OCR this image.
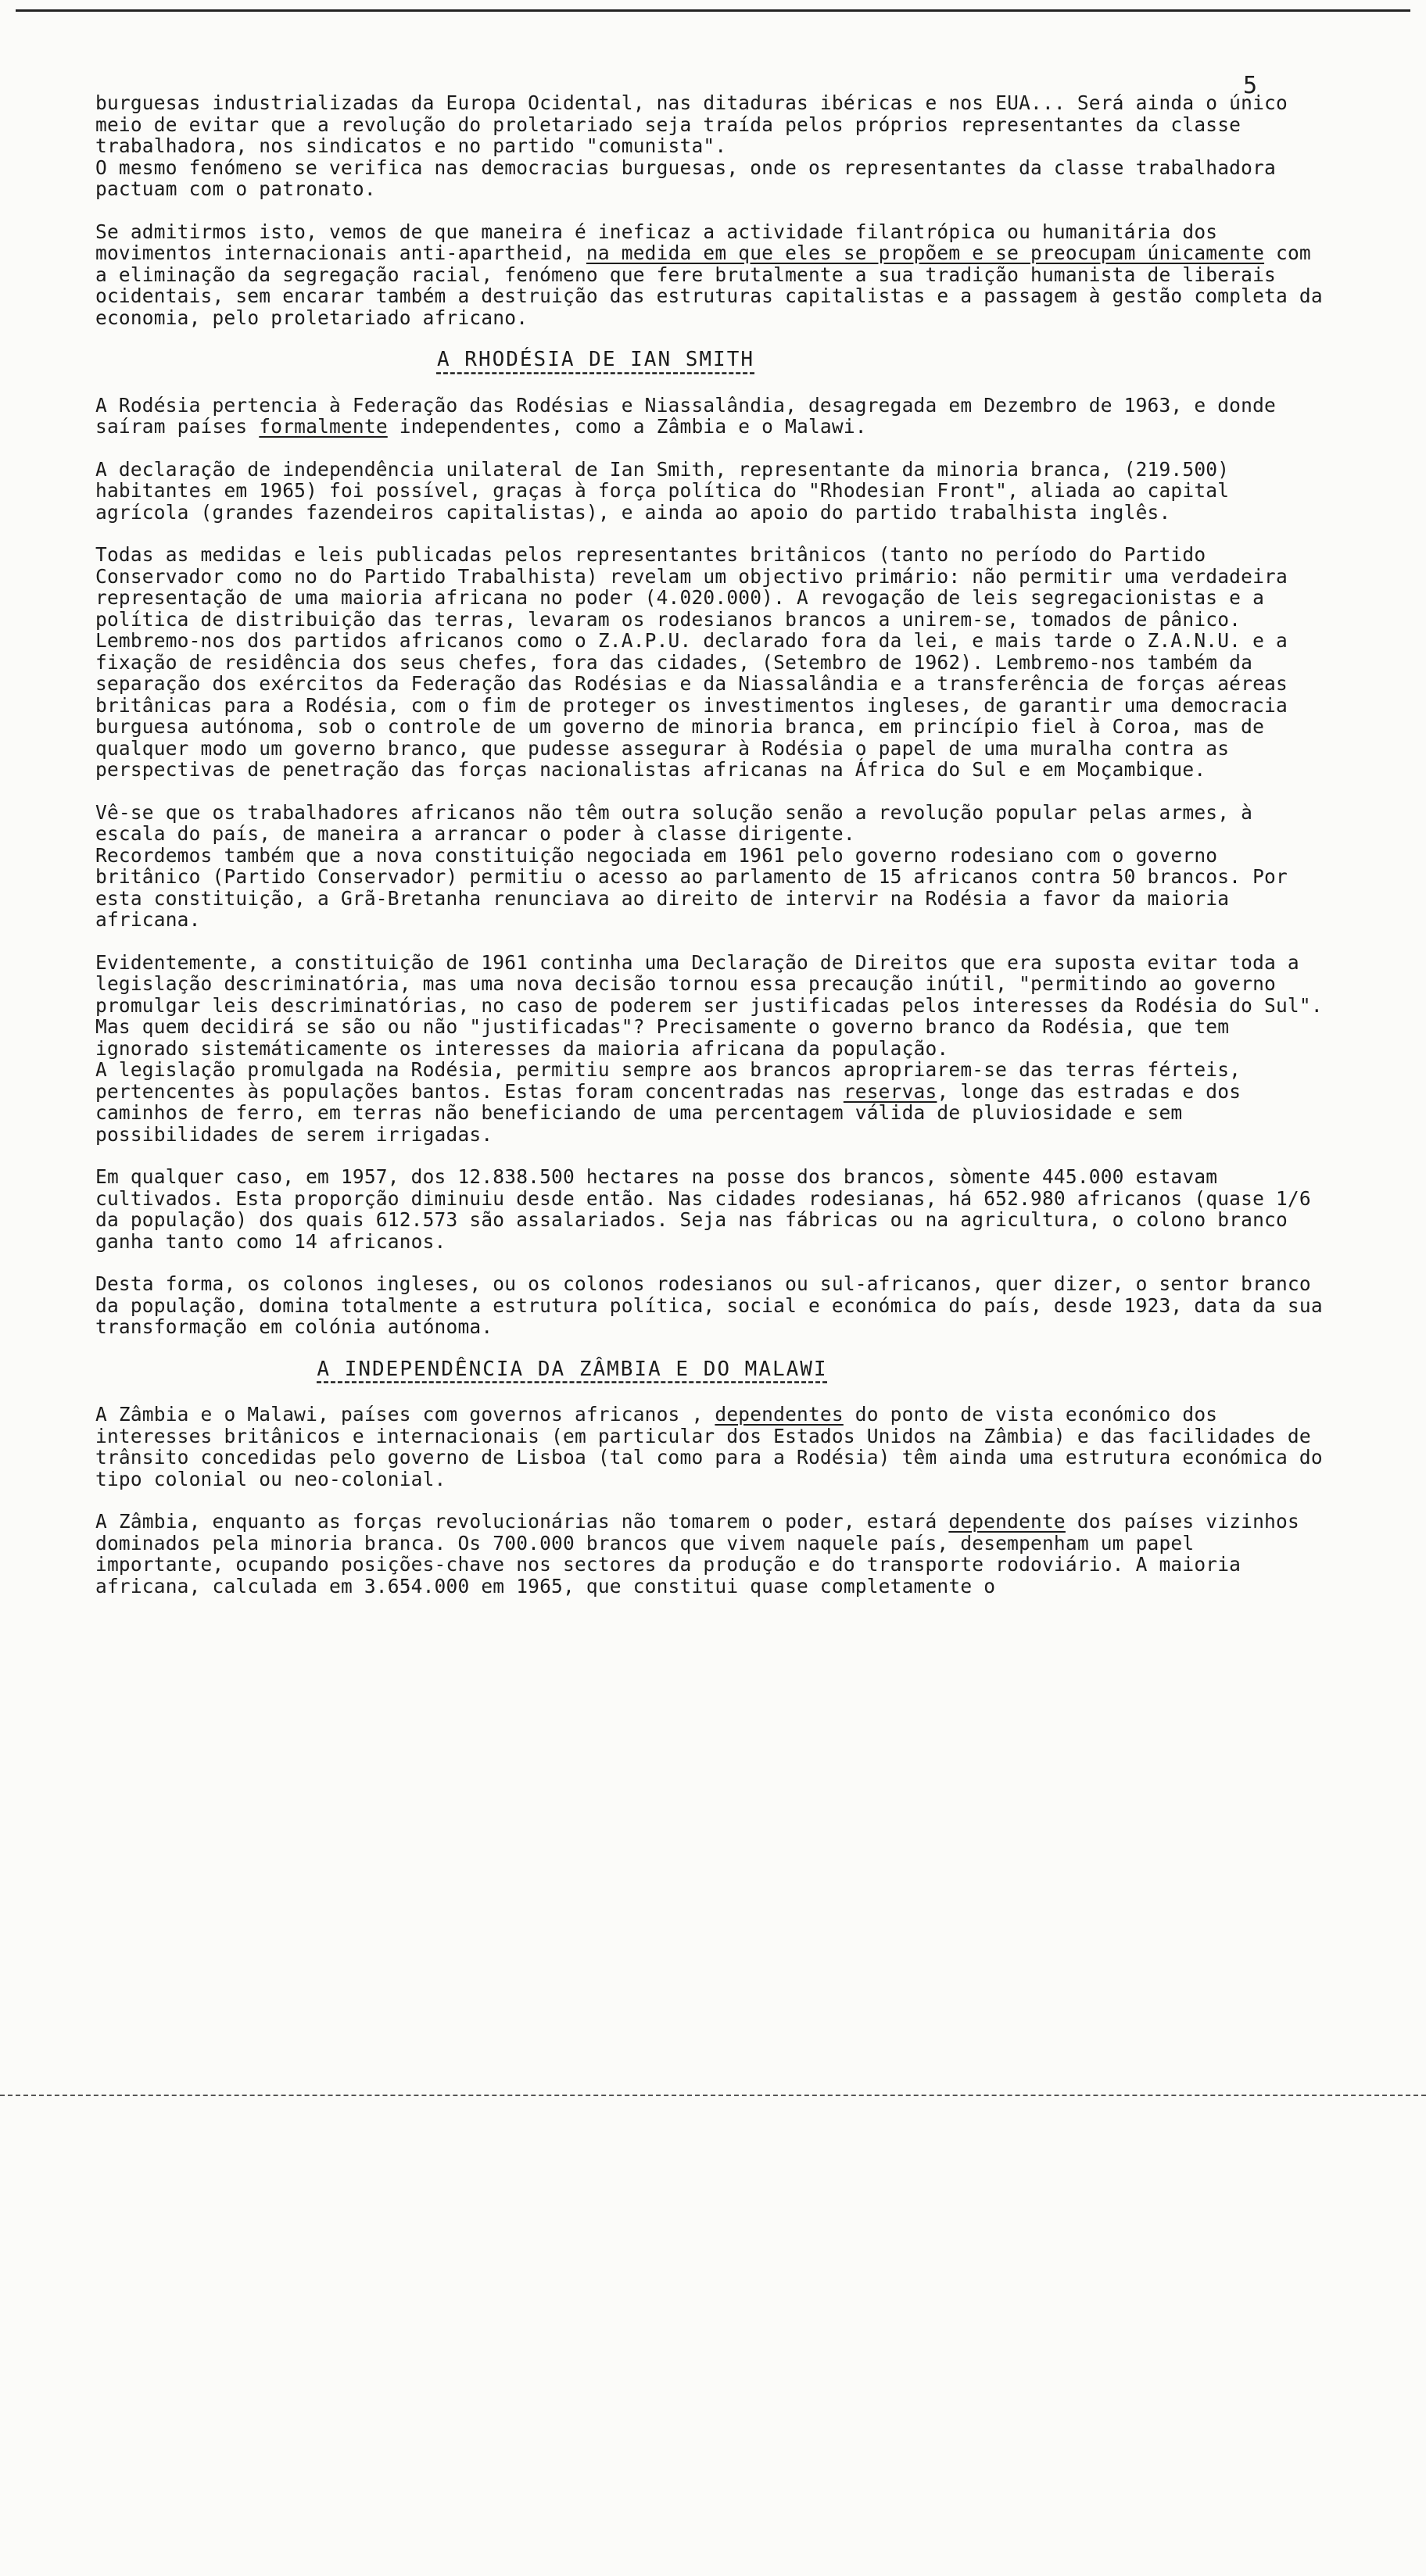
5

burguesas industrializadas da Europa Ocidental, nas ditaduras ibéricas e nos EUA... Será ainda o único meio de evitar que a revolução do proletariado seja traída pelos próprios representantes da classe trabalhadora, nos sindicatos e no partido "comunista".

O mesmo fenómeno se verifica nas democracias burguesas, onde os representantes da classe trabalhadora pactuam com o patronato.

Se admitirmos isto, vemos de que maneira é ineficaz a actividade filantrópica ou humanitária dos movimentos internacionais anti-apartheid, na medida em que eles se propõem e se preocupam únicamente com a eliminação da segregação racial, fenómeno que fere brutalmente a sua tradição humanista de liberais ocidentais, sem encarar também a destruição das estruturas capitalistas e a passagem à gestão completa da economia, pelo proletariado africano.

A RHODÉSIA DE IAN SMITH

A Rodésia pertencia à Federação das Rodésias e Niassalândia, desagregada em Dezembro de 1963, e donde saíram países formalmente independentes, como a Zâmbia e o Malawi.

A declaração de independência unilateral de Ian Smith, representante da minoria branca, (219.500) habitantes em 1965) foi possível, graças à força política do "Rhodesian Front", aliada ao capital agrícola (grandes fazendeiros capitalistas), e ainda ao apoio do partido trabalhista inglês.

Todas as medidas e leis publicadas pelos representantes britânicos (tanto no período do Partido Conservador como no do Partido Trabalhista) revelam um objectivo primário: não permitir uma verdadeira representação de uma maioria africana no poder (4.020.000). A revogação de leis segregacionistas e a política de distribuição das terras, levaram os rodesianos brancos a unirem-se, tomados de pânico. Lembremo-nos dos partidos africanos como o Z.A.P.U. declarado fora da lei, e mais tarde o Z.A.N.U. e a fixação de residência dos seus chefes, fora das cidades, (Setembro de 1962). Lembremo-nos também da separação dos exércitos da Federação das Rodésias e da Niassalândia e a transferência de forças aéreas britânicas para a Rodésia, com o fim de proteger os investimentos ingleses, de garantir uma democracia burguesa autónoma, sob o controle de um governo de minoria branca, em princípio fiel à Coroa, mas de qualquer modo um governo branco, que pudesse assegurar à Rodésia o papel de uma muralha contra as perspectivas de penetração das forças nacionalistas africanas na África do Sul e em Moçambique.

Vê-se que os trabalhadores africanos não têm outra solução senão a revolução popular pelas armes, à escala do país, de maneira a arrancar o poder à classe dirigente.

Recordemos também que a nova constituição negociada em 1961 pelo governo rodesiano com o governo britânico (Partido Conservador) permitiu o acesso ao parlamento de 15 africanos contra 50 brancos. Por esta constituição, a Grã-Bretanha renunciava ao direito de intervir na Rodésia a favor da maioria africana.

Evidentemente, a constituição de 1961 continha uma Declaração de Direitos que era suposta evitar toda a legislação descriminatória, mas uma nova decisão tornou essa precaução inútil, "permitindo ao governo promulgar leis descriminatórias, no caso de poderem ser justificadas pelos interesses da Rodésia do Sul". Mas quem decidirá se são ou não "justificadas"? Precisamente o governo branco da Rodésia, que tem ignorado sistemáticamente os interesses da maioria africana da população.

A legislação promulgada na Rodésia, permitiu sempre aos brancos apropriarem-se das terras férteis, pertencentes às populações bantos. Estas foram concentradas nas reservas, longe das estradas e dos caminhos de ferro, em terras não beneficiando de uma percentagem válida de pluviosidade e sem possibilidades de serem irrigadas.

Em qualquer caso, em 1957, dos 12.838.500 hectares na posse dos brancos, sòmente 445.000 estavam cultivados. Esta proporção diminuiu desde então. Nas cidades rodesianas, há 652.980 africanos (quase 1/6 da população) dos quais 612.573 são assalariados. Seja nas fábricas ou na agricultura, o colono branco ganha tanto como 14 africanos.

Desta forma, os colonos ingleses, ou os colonos rodesianos ou sul-africanos, quer dizer, o sentor branco da população, domina totalmente a estrutura política, social e económica do país, desde 1923, data da sua transformação em colónia autónoma.

A INDEPENDÊNCIA DA ZÂMBIA E DO MALAWI

A Zâmbia e o Malawi, países com governos africanos , dependentes do ponto de vista económico dos interesses britânicos e internacionais (em particular dos Estados Unidos na Zâmbia) e das facilidades de trânsito concedidas pelo governo de Lisboa (tal como para a Rodésia) têm ainda uma estrutura económica do tipo colonial ou neo-colonial.

A Zâmbia, enquanto as forças revolucionárias não tomarem o poder, estará dependente dos países vizinhos dominados pela minoria branca. Os 700.000 brancos que vivem naquele país, desempenham um papel importante, ocupando posições-chave nos sectores da produção e do transporte rodoviário. A maioria africana, calculada em 3.654.000 em 1965, que constitui quase completamente o
